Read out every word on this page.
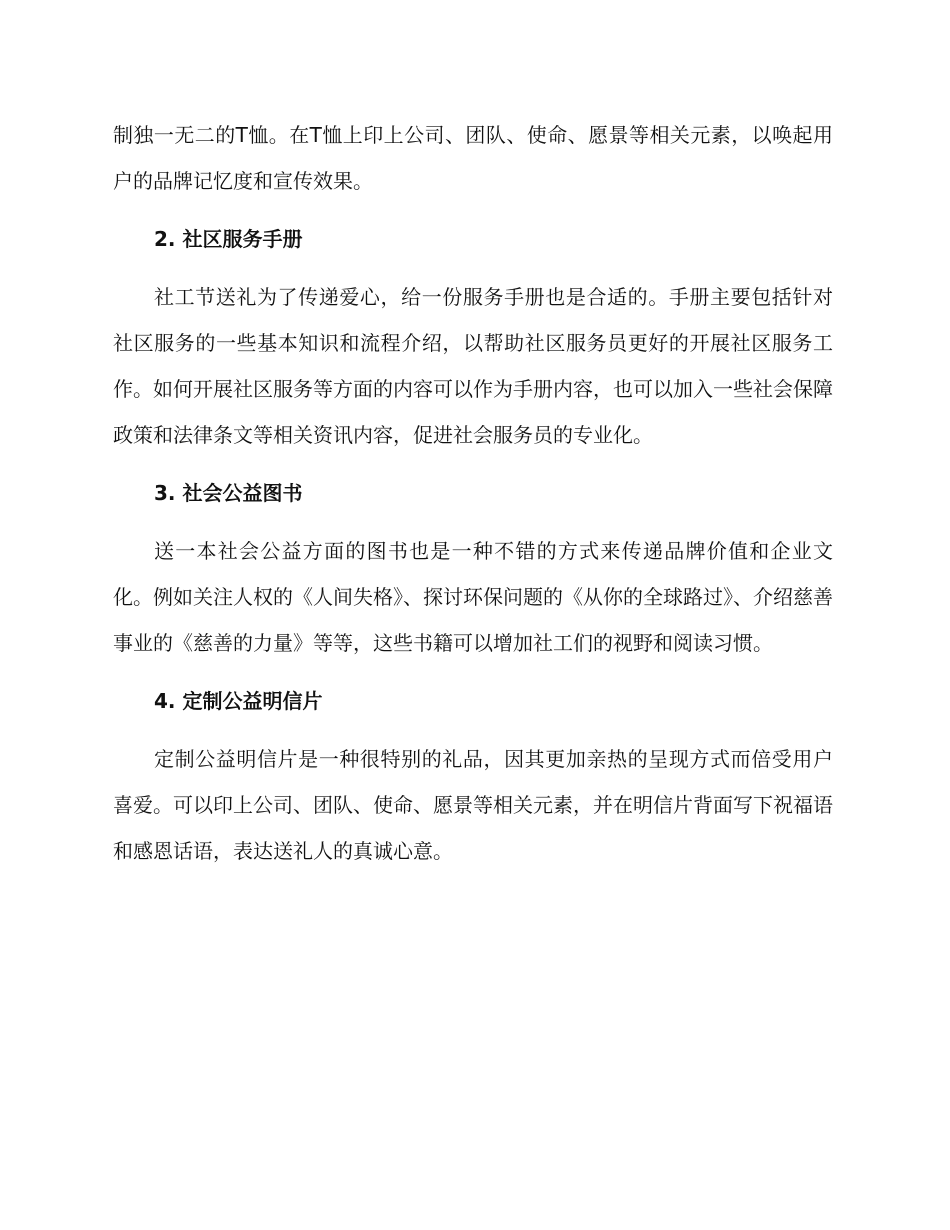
制独一无二的T恤。在T恤上印上公司、团队、使命、愿景等相关元素，以唤起用户的品牌记忆度和宣传效果。

2. 社区服务手册

社工节送礼为了传递爱心，给一份服务手册也是合适的。手册主要包括针对社区服务的一些基本知识和流程介绍，以帮助社区服务员更好的开展社区服务工作。如何开展社区服务等方面的内容可以作为手册内容，也可以加入一些社会保障政策和法律条文等相关资讯内容，促进社会服务员的专业化。

3. 社会公益图书

送一本社会公益方面的图书也是一种不错的方式来传递品牌价值和企业文化。例如关注人权的《人间失格》、探讨环保问题的《从你的全球路过》、介绍慈善事业的《慈善的力量》等等，这些书籍可以增加社工们的视野和阅读习惯。

4. 定制公益明信片

定制公益明信片是一种很特别的礼品，因其更加亲热的呈现方式而倍受用户喜爱。可以印上公司、团队、使命、愿景等相关元素，并在明信片背面写下祝福语和感恩话语，表达送礼人的真诚心意。
